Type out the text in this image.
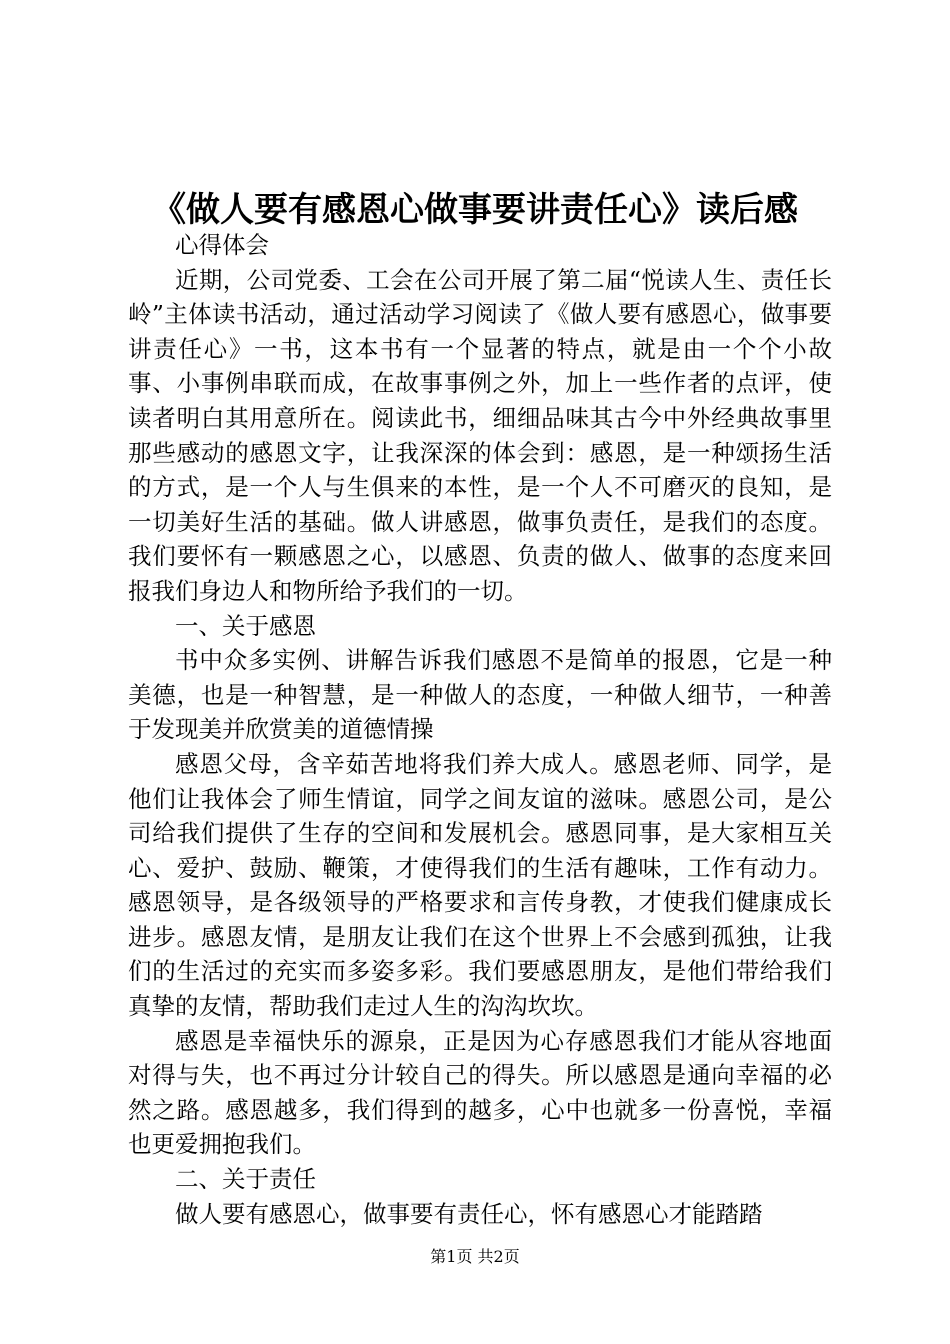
《做人要有感恩心做事要讲责任心》读后感

心得体会

近期，公司党委、工会在公司开展了第二届“悦读人生、责任长岭”主体读书活动，通过活动学习阅读了《做人要有感恩心，做事要讲责任心》一书，这本书有一个显著的特点，就是由一个个小故事、小事例串联而成，在故事事例之外，加上一些作者的点评，使读者明白其用意所在。阅读此书，细细品味其古今中外经典故事里那些感动的感恩文字，让我深深的体会到：感恩，是一种颂扬生活的方式，是一个人与生俱来的本性，是一个人不可磨灭的良知，是一切美好生活的基础。做人讲感恩，做事负责任，是我们的态度。我们要怀有一颗感恩之心，以感恩、负责的做人、做事的态度来回报我们身边人和物所给予我们的一切。

一、关于感恩

书中众多实例、讲解告诉我们感恩不是简单的报恩，它是一种美德，也是一种智慧，是一种做人的态度，一种做人细节，一种善于发现美并欣赏美的道德情操

感恩父母，含辛茹苦地将我们养大成人。感恩老师、同学，是他们让我体会了师生情谊，同学之间友谊的滋味。感恩公司，是公司给我们提供了生存的空间和发展机会。感恩同事，是大家相互关心、爱护、鼓励、鞭策，才使得我们的生活有趣味，工作有动力。感恩领导，是各级领导的严格要求和言传身教，才使我们健康成长进步。感恩友情，是朋友让我们在这个世界上不会感到孤独，让我们的生活过的充实而多姿多彩。我们要感恩朋友，是他们带给我们真挚的友情，帮助我们走过人生的沟沟坎坎。

感恩是幸福快乐的源泉，正是因为心存感恩我们才能从容地面对得与失，也不再过分计较自己的得失。所以感恩是通向幸福的必然之路。感恩越多，我们得到的越多，心中也就多一份喜悦，幸福也更爱拥抱我们。

二、关于责任

做人要有感恩心，做事要有责任心，怀有感恩心才能踏踏

第1页 共2页
